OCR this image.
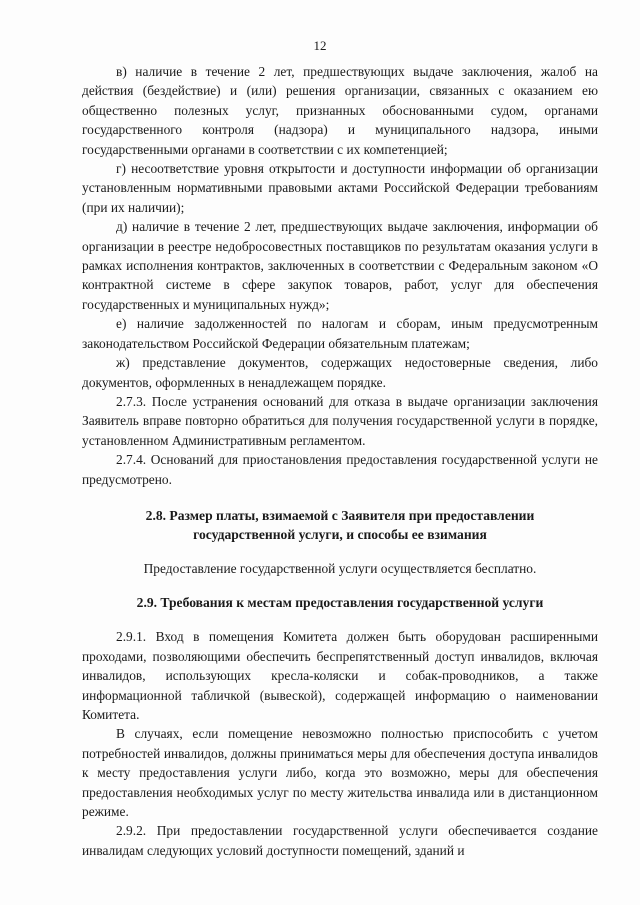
12

в) наличие в течение 2 лет, предшествующих выдаче заключения, жалоб на действия (бездействие) и (или) решения организации, связанных с оказанием ею общественно полезных услуг, признанных обоснованными судом, органами государственного контроля (надзора) и муниципального надзора, иными государственными органами в соответствии с их компетенцией;

г) несоответствие уровня открытости и доступности информации об организации установленным нормативными правовыми актами Российской Федерации требованиям (при их наличии);

д) наличие в течение 2 лет, предшествующих выдаче заключения, информации об организации в реестре недобросовестных поставщиков по результатам оказания услуги в рамках исполнения контрактов, заключенных в соответствии с Федеральным законом «О контрактной системе в сфере закупок товаров, работ, услуг для обеспечения государственных и муниципальных нужд»;

е) наличие задолженностей по налогам и сборам, иным предусмотренным законодательством Российской Федерации обязательным платежам;

ж) представление документов, содержащих недостоверные сведения, либо документов, оформленных в ненадлежащем порядке.

2.7.3. После устранения оснований для отказа в выдаче организации заключения Заявитель вправе повторно обратиться для получения государственной услуги в порядке, установленном Административным регламентом.

2.7.4. Оснований для приостановления предоставления государственной услуги не предусмотрено.

2.8. Размер платы, взимаемой с Заявителя при предоставлении

государственной услуги, и способы ее взимания

Предоставление государственной услуги осуществляется бесплатно.

2.9. Требования к местам предоставления государственной услуги

2.9.1. Вход в помещения Комитета должен быть оборудован расширенными проходами, позволяющими обеспечить беспрепятственный доступ инвалидов, включая инвалидов, использующих кресла-коляски и собак-проводников, а также информационной табличкой (вывеской), содержащей информацию о наименовании Комитета.

В случаях, если помещение невозможно полностью приспособить с учетом потребностей инвалидов, должны приниматься меры для обеспечения доступа инвалидов к месту предоставления услуги либо, когда это возможно, меры для обеспечения предоставления необходимых услуг по месту жительства инвалида или в дистанционном режиме.

2.9.2. При предоставлении государственной услуги обеспечивается создание инвалидам следующих условий доступности помещений, зданий и
